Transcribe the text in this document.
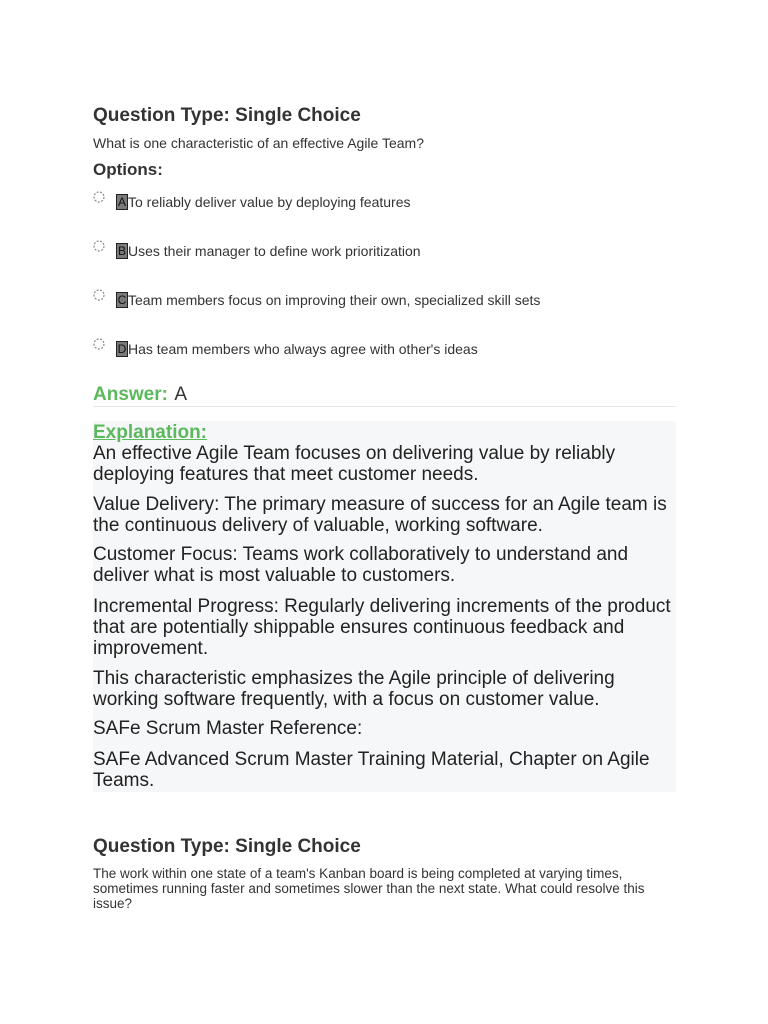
Question Type: Single Choice
What is one characteristic of an effective Agile Team?
Options:
A To reliably deliver value by deploying features
B Uses their manager to define work prioritization
C Team members focus on improving their own, specialized skill sets
D Has team members who always agree with other's ideas
Answer: A
Explanation:
An effective Agile Team focuses on delivering value by reliably deploying features that meet customer needs.
Value Delivery: The primary measure of success for an Agile team is the continuous delivery of valuable, working software.
Customer Focus: Teams work collaboratively to understand and deliver what is most valuable to customers.
Incremental Progress: Regularly delivering increments of the product that are potentially shippable ensures continuous feedback and improvement.
This characteristic emphasizes the Agile principle of delivering working software frequently, with a focus on customer value.
SAFe Scrum Master Reference:
SAFe Advanced Scrum Master Training Material, Chapter on Agile Teams.
Question Type: Single Choice
The work within one state of a team's Kanban board is being completed at varying times, sometimes running faster and sometimes slower than the next state. What could resolve this issue?
